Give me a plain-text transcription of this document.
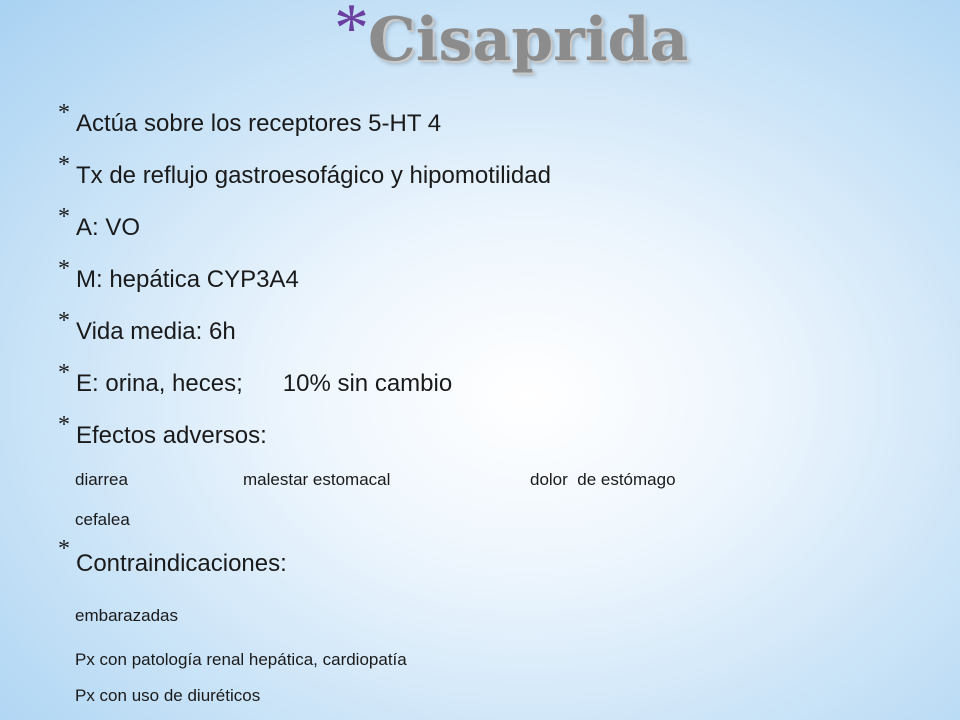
* Cisaprida
* Actúa sobre los receptores 5-HT 4
* Tx de reflujo gastroesofágico y hipomotilidad
* A: VO
* M: hepática CYP3A4
* Vida media: 6h
* E: orina, heces;      10% sin cambio
* Efectos adversos:
diarrea	malestar estomacal	dolor  de estómago
cefalea
*
Contraindicaciones:
embarazadas
Px con patología renal hepática, cardiopatía
Px con uso de diuréticos
